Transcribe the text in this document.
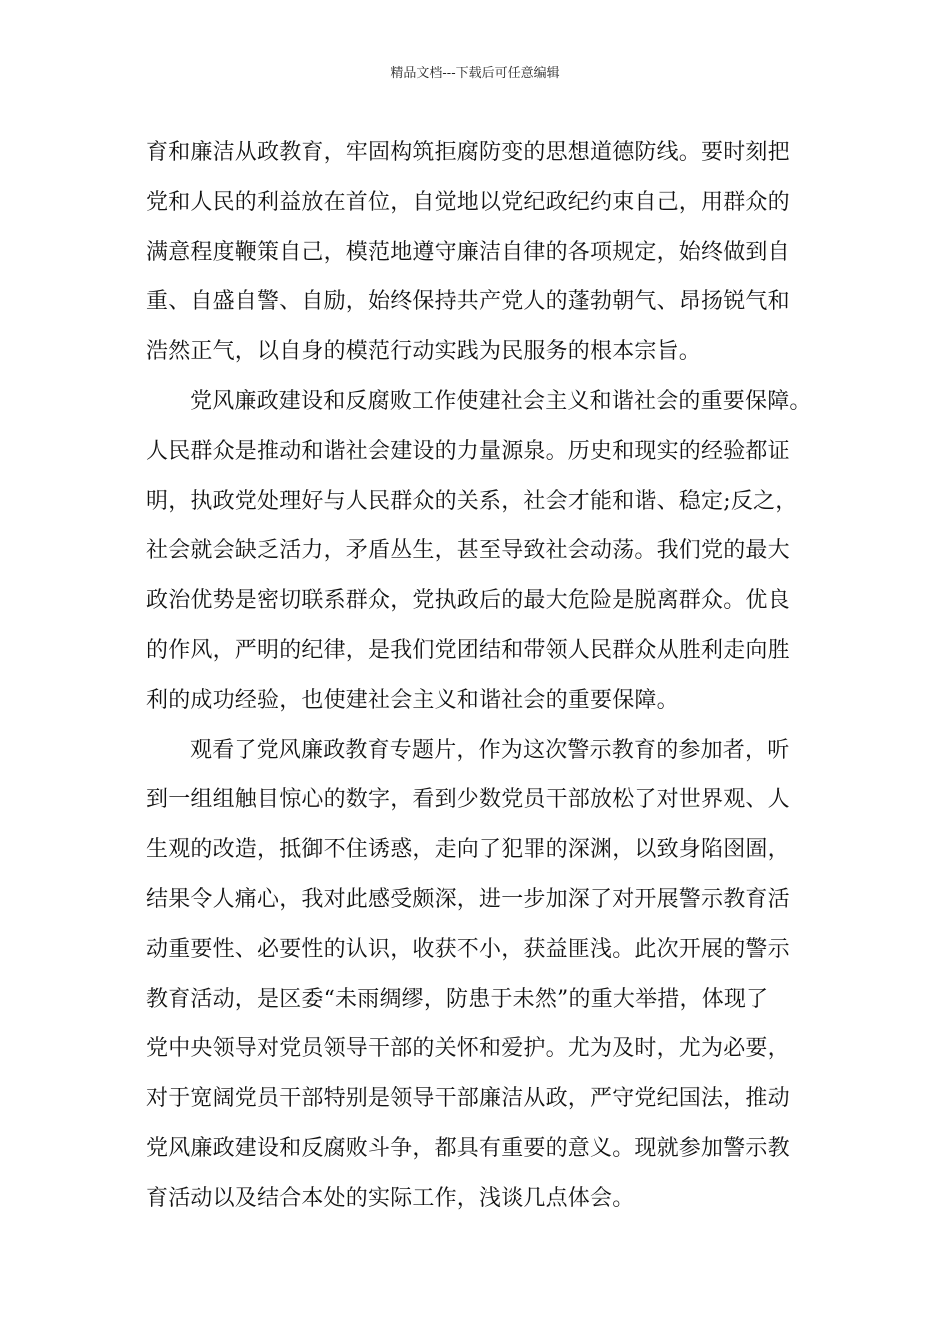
精品文档---下载后可任意编辑
育和廉洁从政教育，牢固构筑拒腐防变的思想道德防线。要时刻把
党和人民的利益放在首位，自觉地以党纪政纪约束自己，用群众的
满意程度鞭策自己，模范地遵守廉洁自律的各项规定，始终做到自
重、自盛自警、自励，始终保持共产党人的蓬勃朝气、昂扬锐气和
浩然正气，以自身的模范行动实践为民服务的根本宗旨。
党风廉政建设和反腐败工作使建社会主义和谐社会的重要保障。
人民群众是推动和谐社会建设的力量源泉。历史和现实的经验都证
明，执政党处理好与人民群众的关系，社会才能和谐、稳定;反之，
社会就会缺乏活力，矛盾丛生，甚至导致社会动荡。我们党的最大
政治优势是密切联系群众，党执政后的最大危险是脱离群众。优良
的作风，严明的纪律，是我们党团结和带领人民群众从胜利走向胜
利的成功经验，也使建社会主义和谐社会的重要保障。
观看了党风廉政教育专题片，作为这次警示教育的参加者，听
到一组组触目惊心的数字，看到少数党员干部放松了对世界观、人
生观的改造，抵御不住诱惑，走向了犯罪的深渊，以致身陷囹圄，
结果令人痛心，我对此感受颇深，进一步加深了对开展警示教育活
动重要性、必要性的认识，收获不小，获益匪浅。此次开展的警示
教育活动，是区委“未雨绸缪，防患于未然”的重大举措，体现了
党中央领导对党员领导干部的关怀和爱护。尤为及时，尤为必要，
对于宽阔党员干部特别是领导干部廉洁从政，严守党纪国法，推动
党风廉政建设和反腐败斗争，都具有重要的意义。现就参加警示教
育活动以及结合本处的实际工作，浅谈几点体会。
